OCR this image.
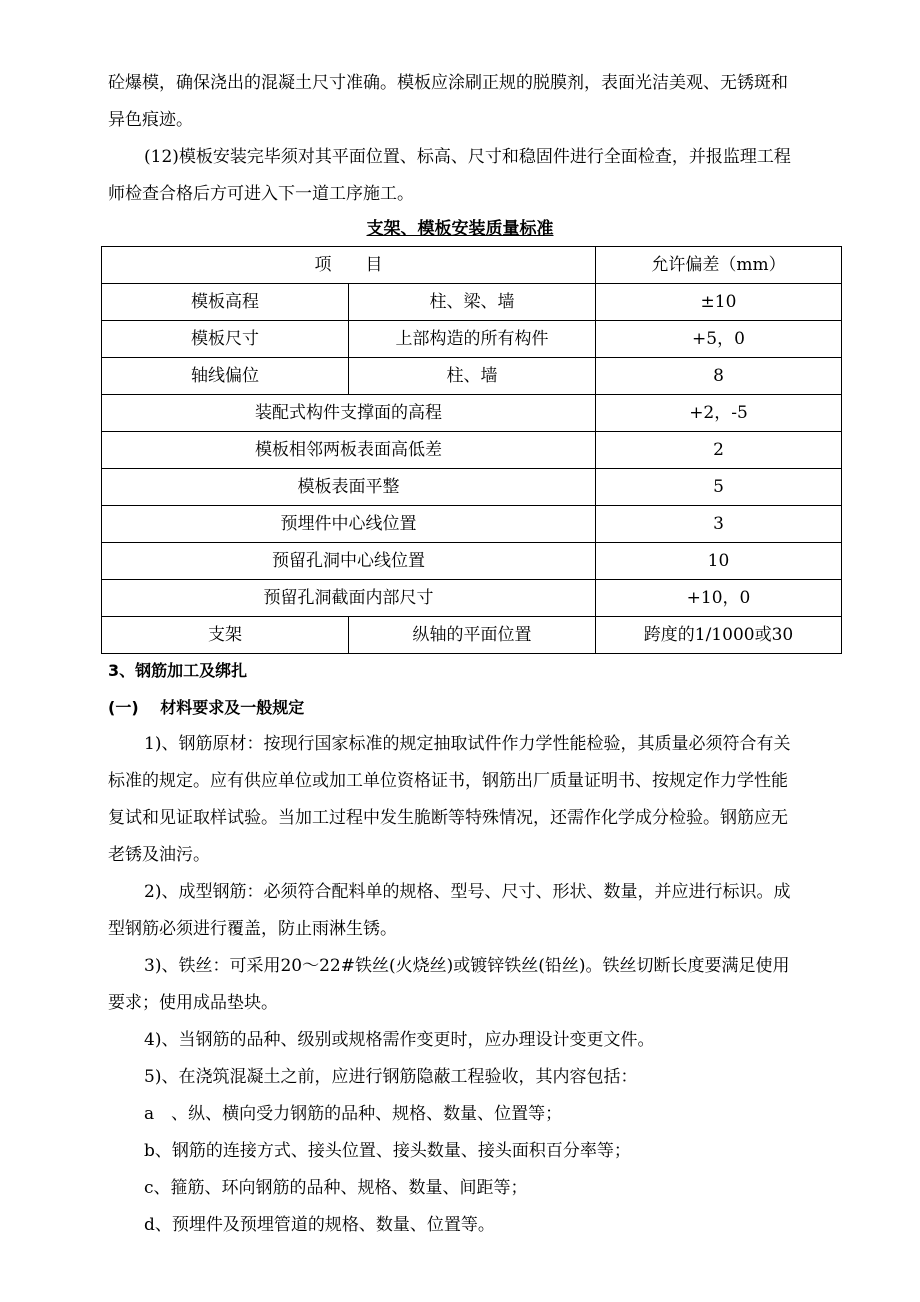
砼爆模，确保浇出的混凝土尺寸准确。模板应涂刷正规的脱膜剂，表面光洁美观、无锈斑和

异色痕迹。

(12)模板安装完毕须对其平面位置、标高、尺寸和稳固件进行全面检查，并报监理工程

师检查合格后方可进入下一道工序施工。

支架、模板安装质量标准
项　　目		允许偏差（mm）
模板高程	柱、梁、墙	±10
模板尺寸	上部构造的所有构件	+5，0
轴线偏位	柱、墙	8
装配式构件支撑面的高程		+2，-5
模板相邻两板表面高低差		2
模板表面平整		5
预埋件中心线位置		3
预留孔洞中心线位置		10
预留孔洞截面内部尺寸		+10，0
支架	纵轴的平面位置	跨度的1/1000或30

3、钢筋加工及绑扎

(一)　 材料要求及一般规定

1)、钢筋原材：按现行国家标准的规定抽取试件作力学性能检验，其质量必须符合有关

标准的规定。应有供应单位或加工单位资格证书，钢筋出厂质量证明书、按规定作力学性能

复试和见证取样试验。当加工过程中发生脆断等特殊情况，还需作化学成分检验。钢筋应无

老锈及油污。

2)、成型钢筋：必须符合配料单的规格、型号、尺寸、形状、数量，并应进行标识。成

型钢筋必须进行覆盖，防止雨淋生锈。

3)、铁丝：可采用20～22#铁丝(火烧丝)或镀锌铁丝(铅丝)。铁丝切断长度要满足使用

要求；使用成品垫块。

4)、当钢筋的品种、级别或规格需作变更时，应办理设计变更文件。

5)、在浇筑混凝土之前，应进行钢筋隐蔽工程验收，其内容包括：

a　、纵、横向受力钢筋的品种、规格、数量、位置等；

b、钢筋的连接方式、接头位置、接头数量、接头面积百分率等；

c、箍筋、环向钢筋的品种、规格、数量、间距等；

d、预埋件及预埋管道的规格、数量、位置等。
